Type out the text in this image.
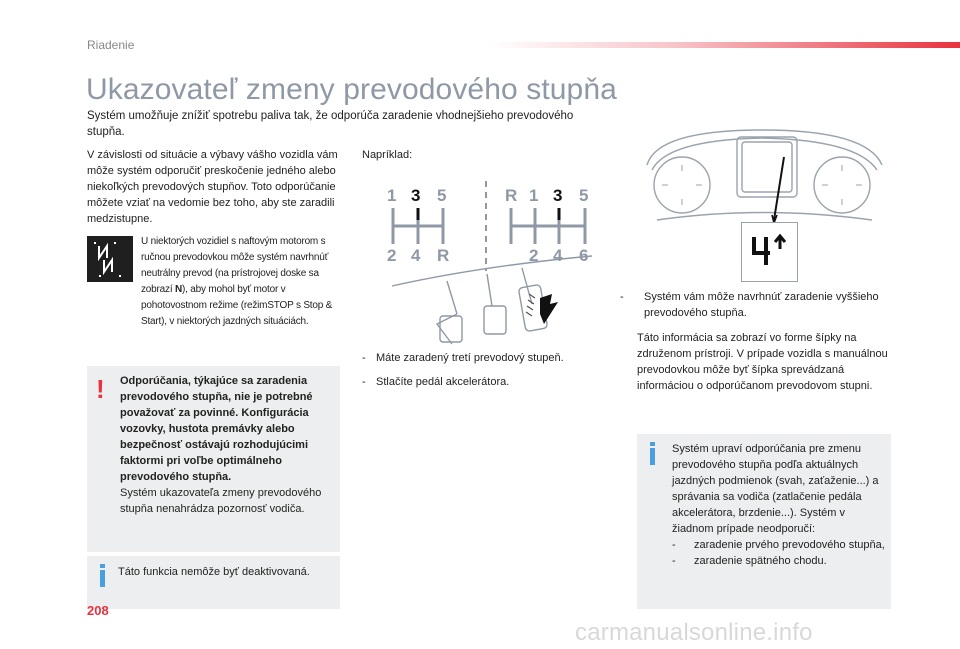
Riadenie
Ukazovateľ zmeny prevodového stupňa
Systém umožňuje znížiť spotrebu paliva tak, že odporúča zaradenie vhodnejšieho prevodového stupňa.
V závislosti od situácie a výbavy vášho vozidla vám môže systém odporučiť preskočenie jedného alebo niekoľkých prevodových stupňov. Toto odporúčanie môžete vziať na vedomie bez toho, aby ste zaradili medzistupne.
U niektorých vozidiel s naftovým motorom s ručnou prevodovkou môže systém navrhnúť neutrálny prevod (na prístrojovej doske sa zobrazí N), aby mohol byť motor v pohotovostnom režime (režimSTOP s Stop & Start), v niektorých jazdných situáciách.
! Odporúčania, týkajúce sa zaradenia prevodového stupňa, nie je potrebné považovať za povinné. Konfigurácia vozovky, hustota premávky alebo bezpečnosť ostávajú rozhodujúcimi faktormi pri voľbe optimálneho prevodového stupňa.
Systém ukazovateľa zmeny prevodového stupňa nenahrádza pozornosť vodiča.
Táto funkcia nemôže byť deaktivovaná.
Napríklad:
1 3 5
2 4 R
R 1 3 5
2 4 6
- Máte zaradený tretí prevodový stupeň.
- Stlačíte pedál akcelerátora.
-	Systém vám môže navrhnúť zaradenie vyššieho prevodového stupňa.
Táto informácia sa zobrazí vo forme šípky na združenom prístroji. V prípade vozidla s manuálnou prevodovkou môže byť šípka sprevádzaná informáciou o odporúčanom prevodovom stupni.
Systém upraví odporúčania pre zmenu prevodového stupňa podľa aktuálnych jazdných podmienok (svah, zaťaženie...) a správania sa vodiča (zatlačenie pedála akcelerátora, brzdenie...). Systém v žiadnom prípade neodporučí:
-	zaradenie prvého prevodového stupňa,
-	zaradenie spätného chodu.
208
carmanualsonline.info
